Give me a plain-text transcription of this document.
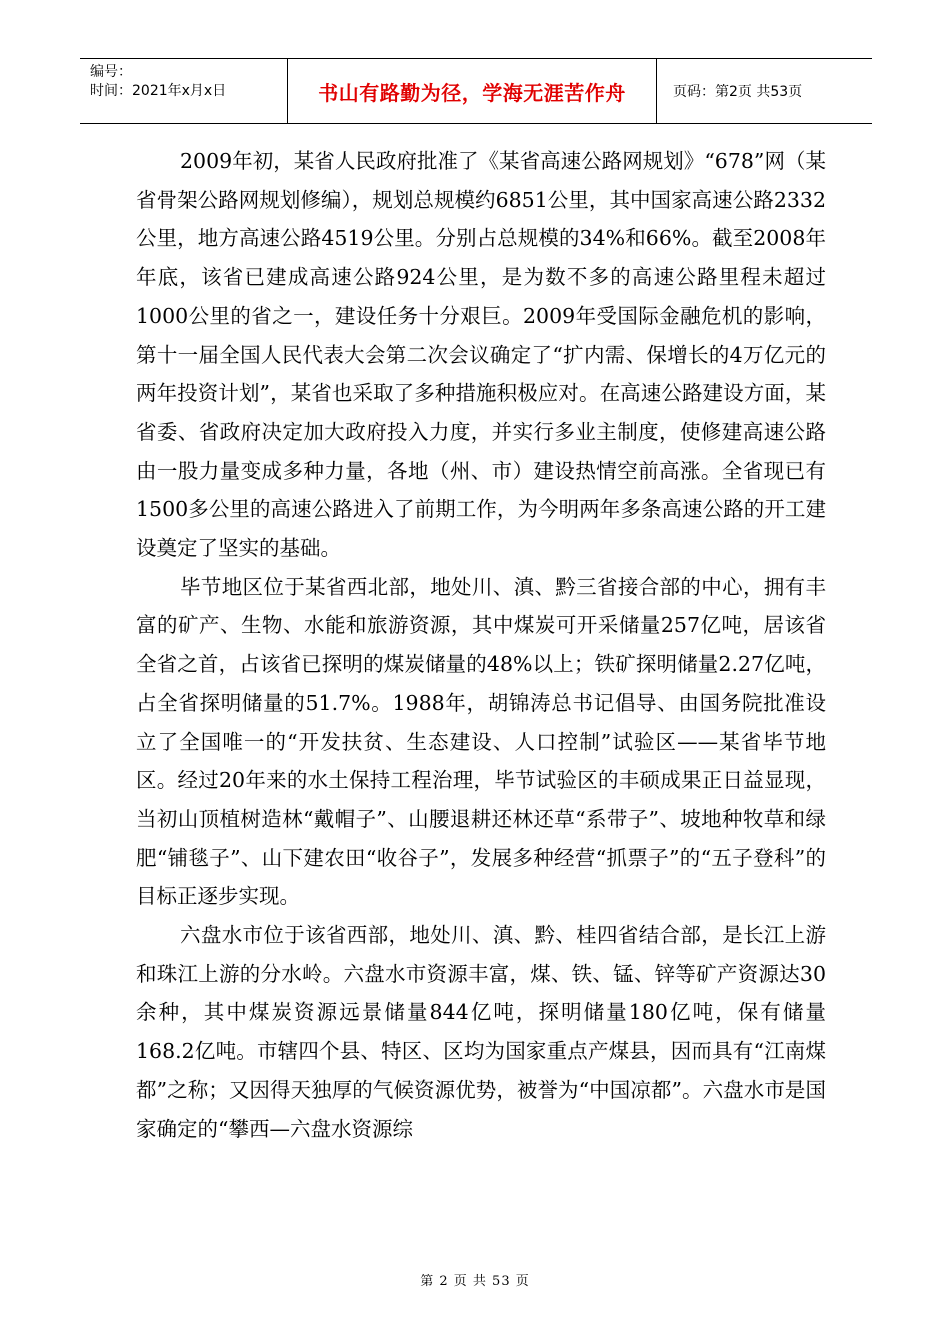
编号：
时间：2021年x月x日	书山有路勤为径，学海无涯苦作舟	页码：第2页 共53页

2009年初，某省人民政府批准了《某省高速公路网规划》“678”网（某省骨架公路网规划修编），规划总规模约6851公里，其中国家高速公路2332公里，地方高速公路4519公里。分别占总规模的34%和66%。截至2008年年底，该省已建成高速公路924公里，是为数不多的高速公路里程未超过1000公里的省之一，建设任务十分艰巨。2009年受国际金融危机的影响，第十一届全国人民代表大会第二次会议确定了“扩内需、保增长的4万亿元的两年投资计划”，某省也采取了多种措施积极应对。在高速公路建设方面，某省委、省政府决定加大政府投入力度，并实行多业主制度，使修建高速公路由一股力量变成多种力量，各地（州、市）建设热情空前高涨。全省现已有1500多公里的高速公路进入了前期工作，为今明两年多条高速公路的开工建设奠定了坚实的基础。

毕节地区位于某省西北部，地处川、滇、黔三省接合部的中心，拥有丰富的矿产、生物、水能和旅游资源，其中煤炭可开采储量257亿吨，居该省全省之首，占该省已探明的煤炭储量的48%以上；铁矿探明储量2.27亿吨，占全省探明储量的51.7%。1988年，胡锦涛总书记倡导、由国务院批准设立了全国唯一的“开发扶贫、生态建设、人口控制”试验区——某省毕节地区。经过20年来的水土保持工程治理，毕节试验区的丰硕成果正日益显现，当初山顶植树造林“戴帽子”、山腰退耕还林还草“系带子”、坡地种牧草和绿肥“铺毯子”、山下建农田“收谷子”，发展多种经营“抓票子”的“五子登科”的目标正逐步实现。

六盘水市位于该省西部，地处川、滇、黔、桂四省结合部，是长江上游和珠江上游的分水岭。六盘水市资源丰富，煤、铁、锰、锌等矿产资源达30余种，其中煤炭资源远景储量844亿吨，探明储量180亿吨，保有储量168.2亿吨。市辖四个县、特区、区均为国家重点产煤县，因而具有“江南煤都”之称；又因得天独厚的气候资源优势，被誉为“中国凉都”。六盘水市是国家确定的“攀西—六盘水资源综

第 2 页 共 53 页
